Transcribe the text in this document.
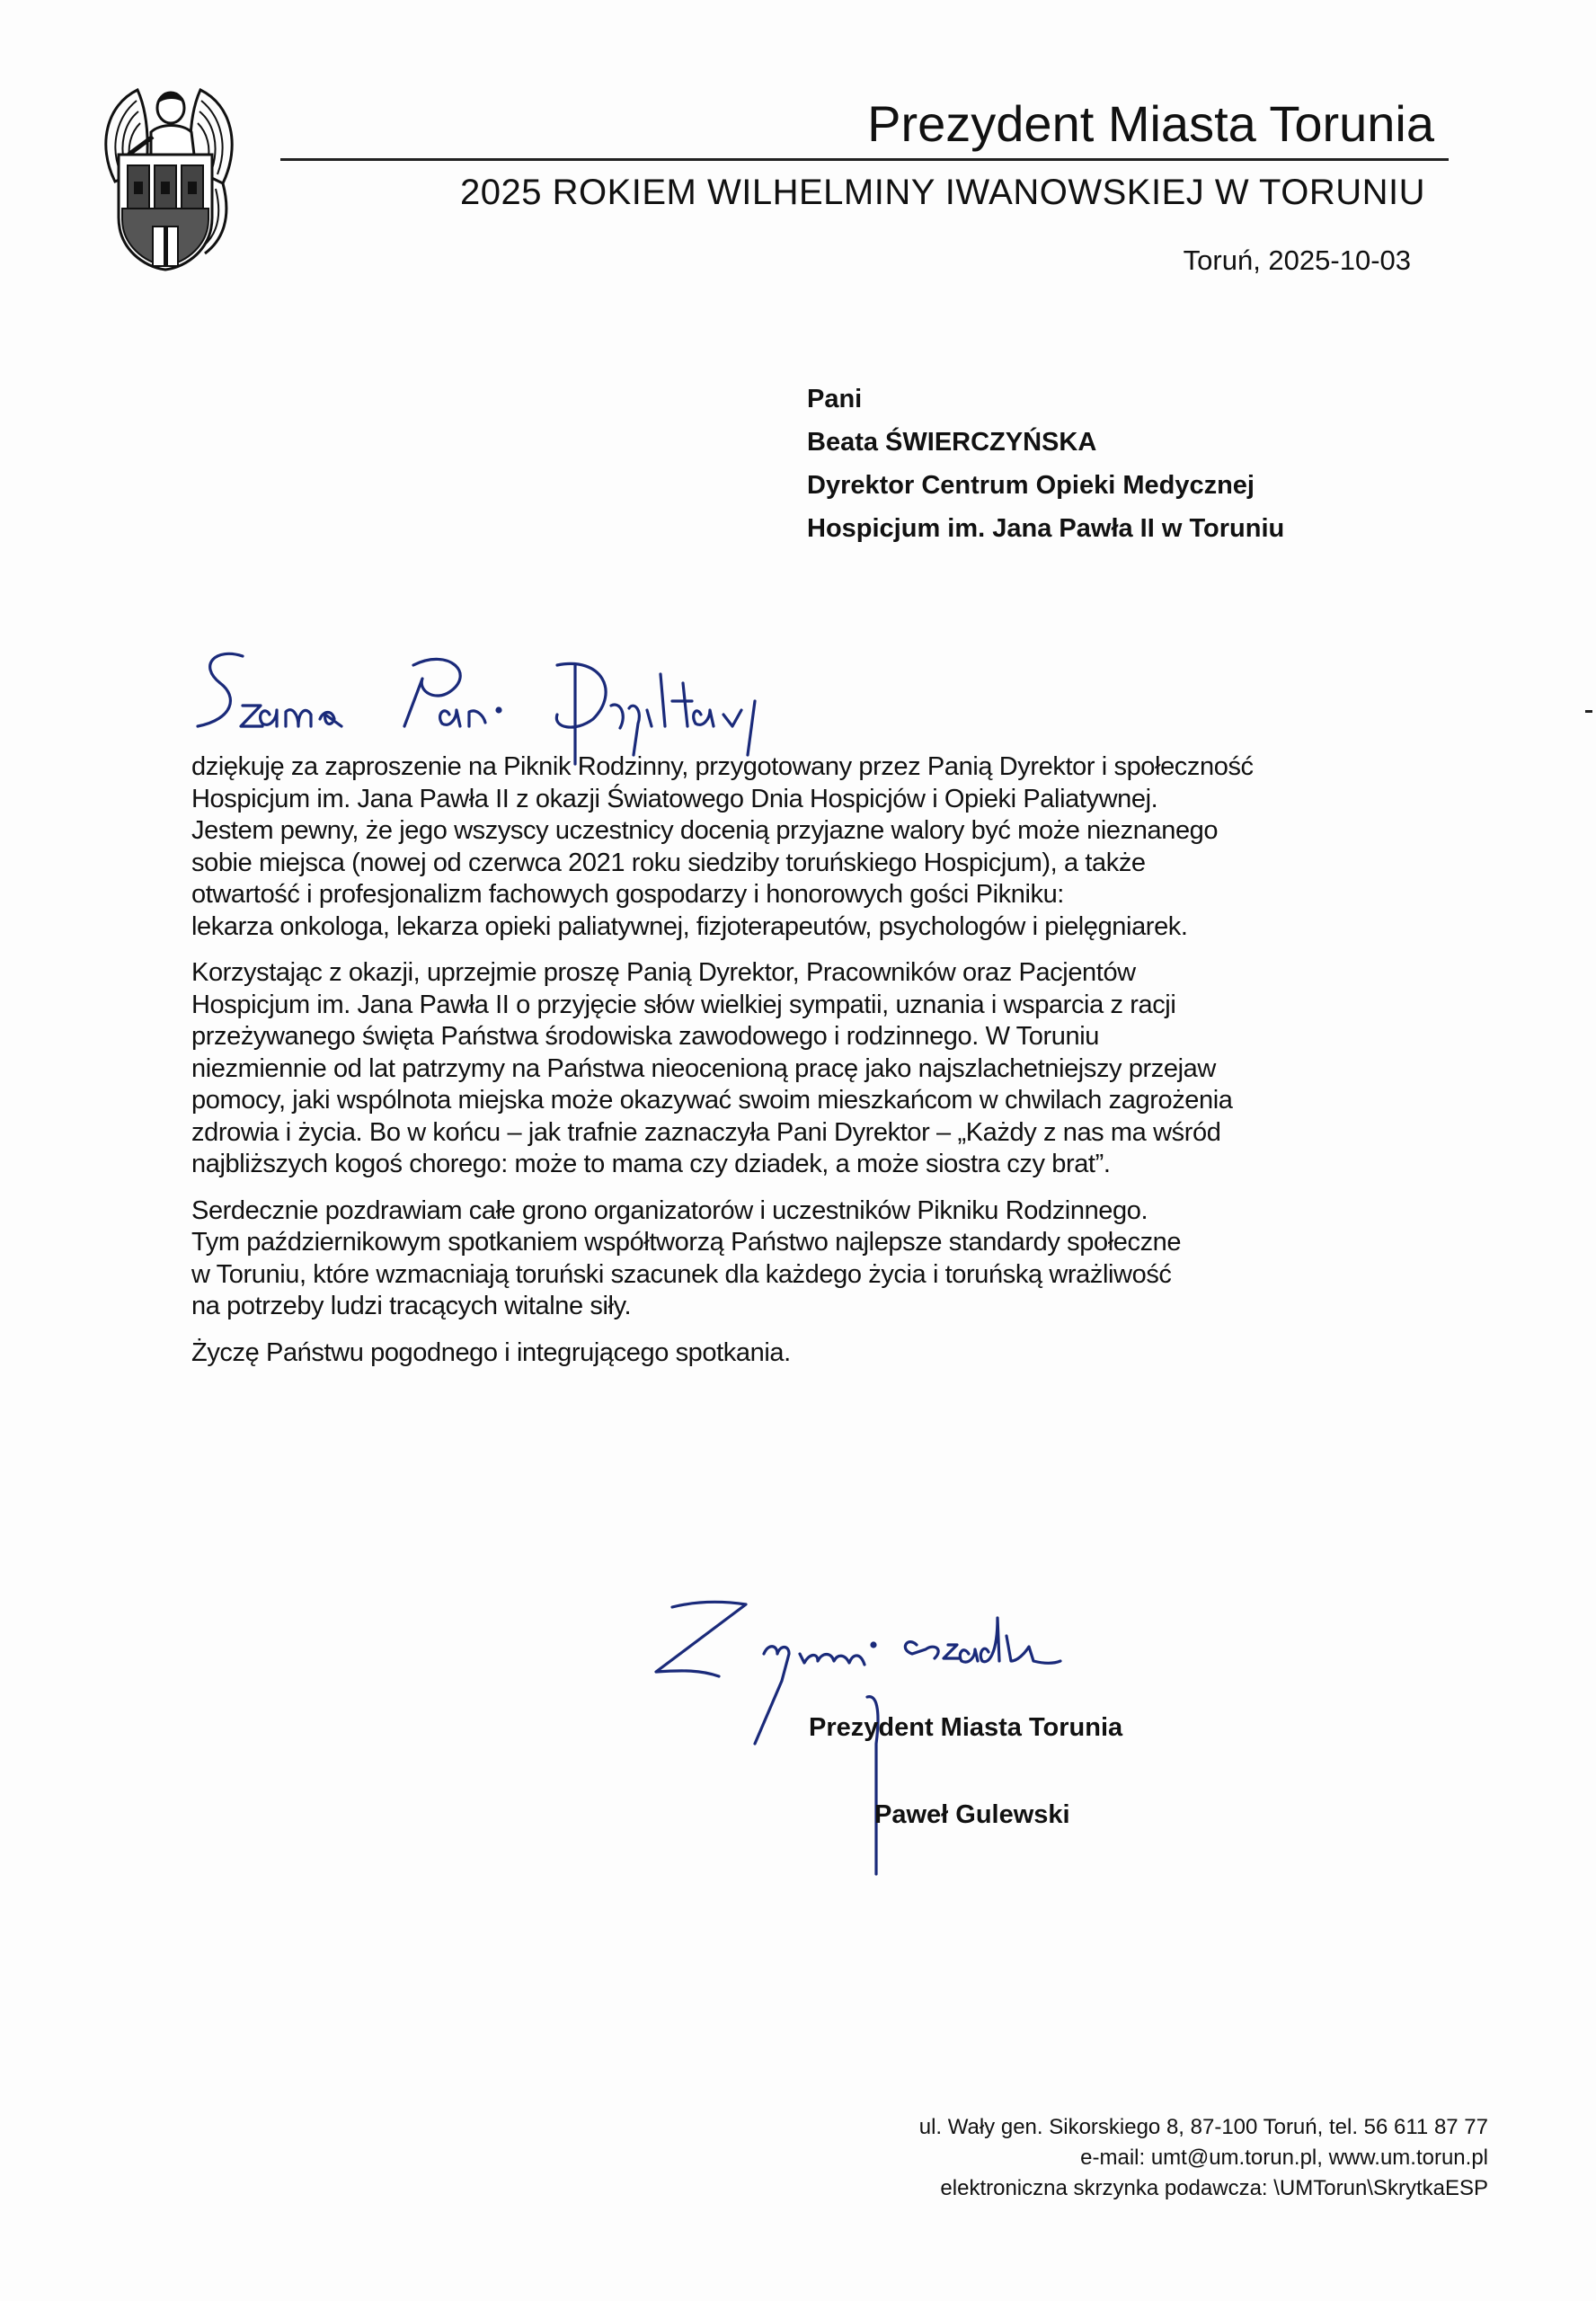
Prezydent Miasta Torunia
2025 ROKIEM WILHELMINY IWANOWSKIEJ W TORUNIU
Toruń, 2025-10-03
Pani
Beata ŚWIERCZYŃSKA
Dyrektor Centrum Opieki Medycznej
Hospicjum im. Jana Pawła II w Toruniu
dziękuję za zaproszenie na Piknik Rodzinny, przygotowany przez Panią Dyrektor i społeczność
Hospicjum im. Jana Pawła II z okazji Światowego Dnia Hospicjów i Opieki Paliatywnej.
Jestem pewny, że jego wszyscy uczestnicy docenią przyjazne walory być może nieznanego
sobie miejsca (nowej od czerwca 2021 roku siedziby toruńskiego Hospicjum), a także
otwartość i profesjonalizm fachowych gospodarzy i honorowych gości Pikniku:
lekarza onkologa, lekarza opieki paliatywnej, fizjoterapeutów, psychologów i pielęgniarek.
Korzystając z okazji, uprzejmie proszę Panią Dyrektor, Pracowników oraz Pacjentów
Hospicjum im. Jana Pawła II o przyjęcie słów wielkiej sympatii, uznania i wsparcia z racji
przeżywanego święta Państwa środowiska zawodowego i rodzinnego. W Toruniu
niezmiennie od lat patrzymy na Państwa nieocenioną pracę jako najszlachetniejszy przejaw
pomocy, jaki wspólnota miejska może okazywać swoim mieszkańcom w chwilach zagrożenia
zdrowia i życia. Bo w końcu – jak trafnie zaznaczyła Pani Dyrektor – „Każdy z nas ma wśród
najbliższych kogoś chorego: może to mama czy dziadek, a może siostra czy brat”.
Serdecznie pozdrawiam całe grono organizatorów i uczestników Pikniku Rodzinnego.
Tym październikowym spotkaniem współtworzą Państwo najlepsze standardy społeczne
w Toruniu, które wzmacniają toruński szacunek dla każdego życia i toruńską wrażliwość
na potrzeby ludzi tracących witalne siły.
Życzę Państwu pogodnego i integrującego spotkania.
Prezydent Miasta Torunia
Paweł Gulewski
ul. Wały gen. Sikorskiego 8, 87-100 Toruń, tel. 56 611 87 77
e-mail: umt@um.torun.pl, www.um.torun.pl
elektroniczna skrzynka podawcza: \UMTorun\SkrytkaESP
